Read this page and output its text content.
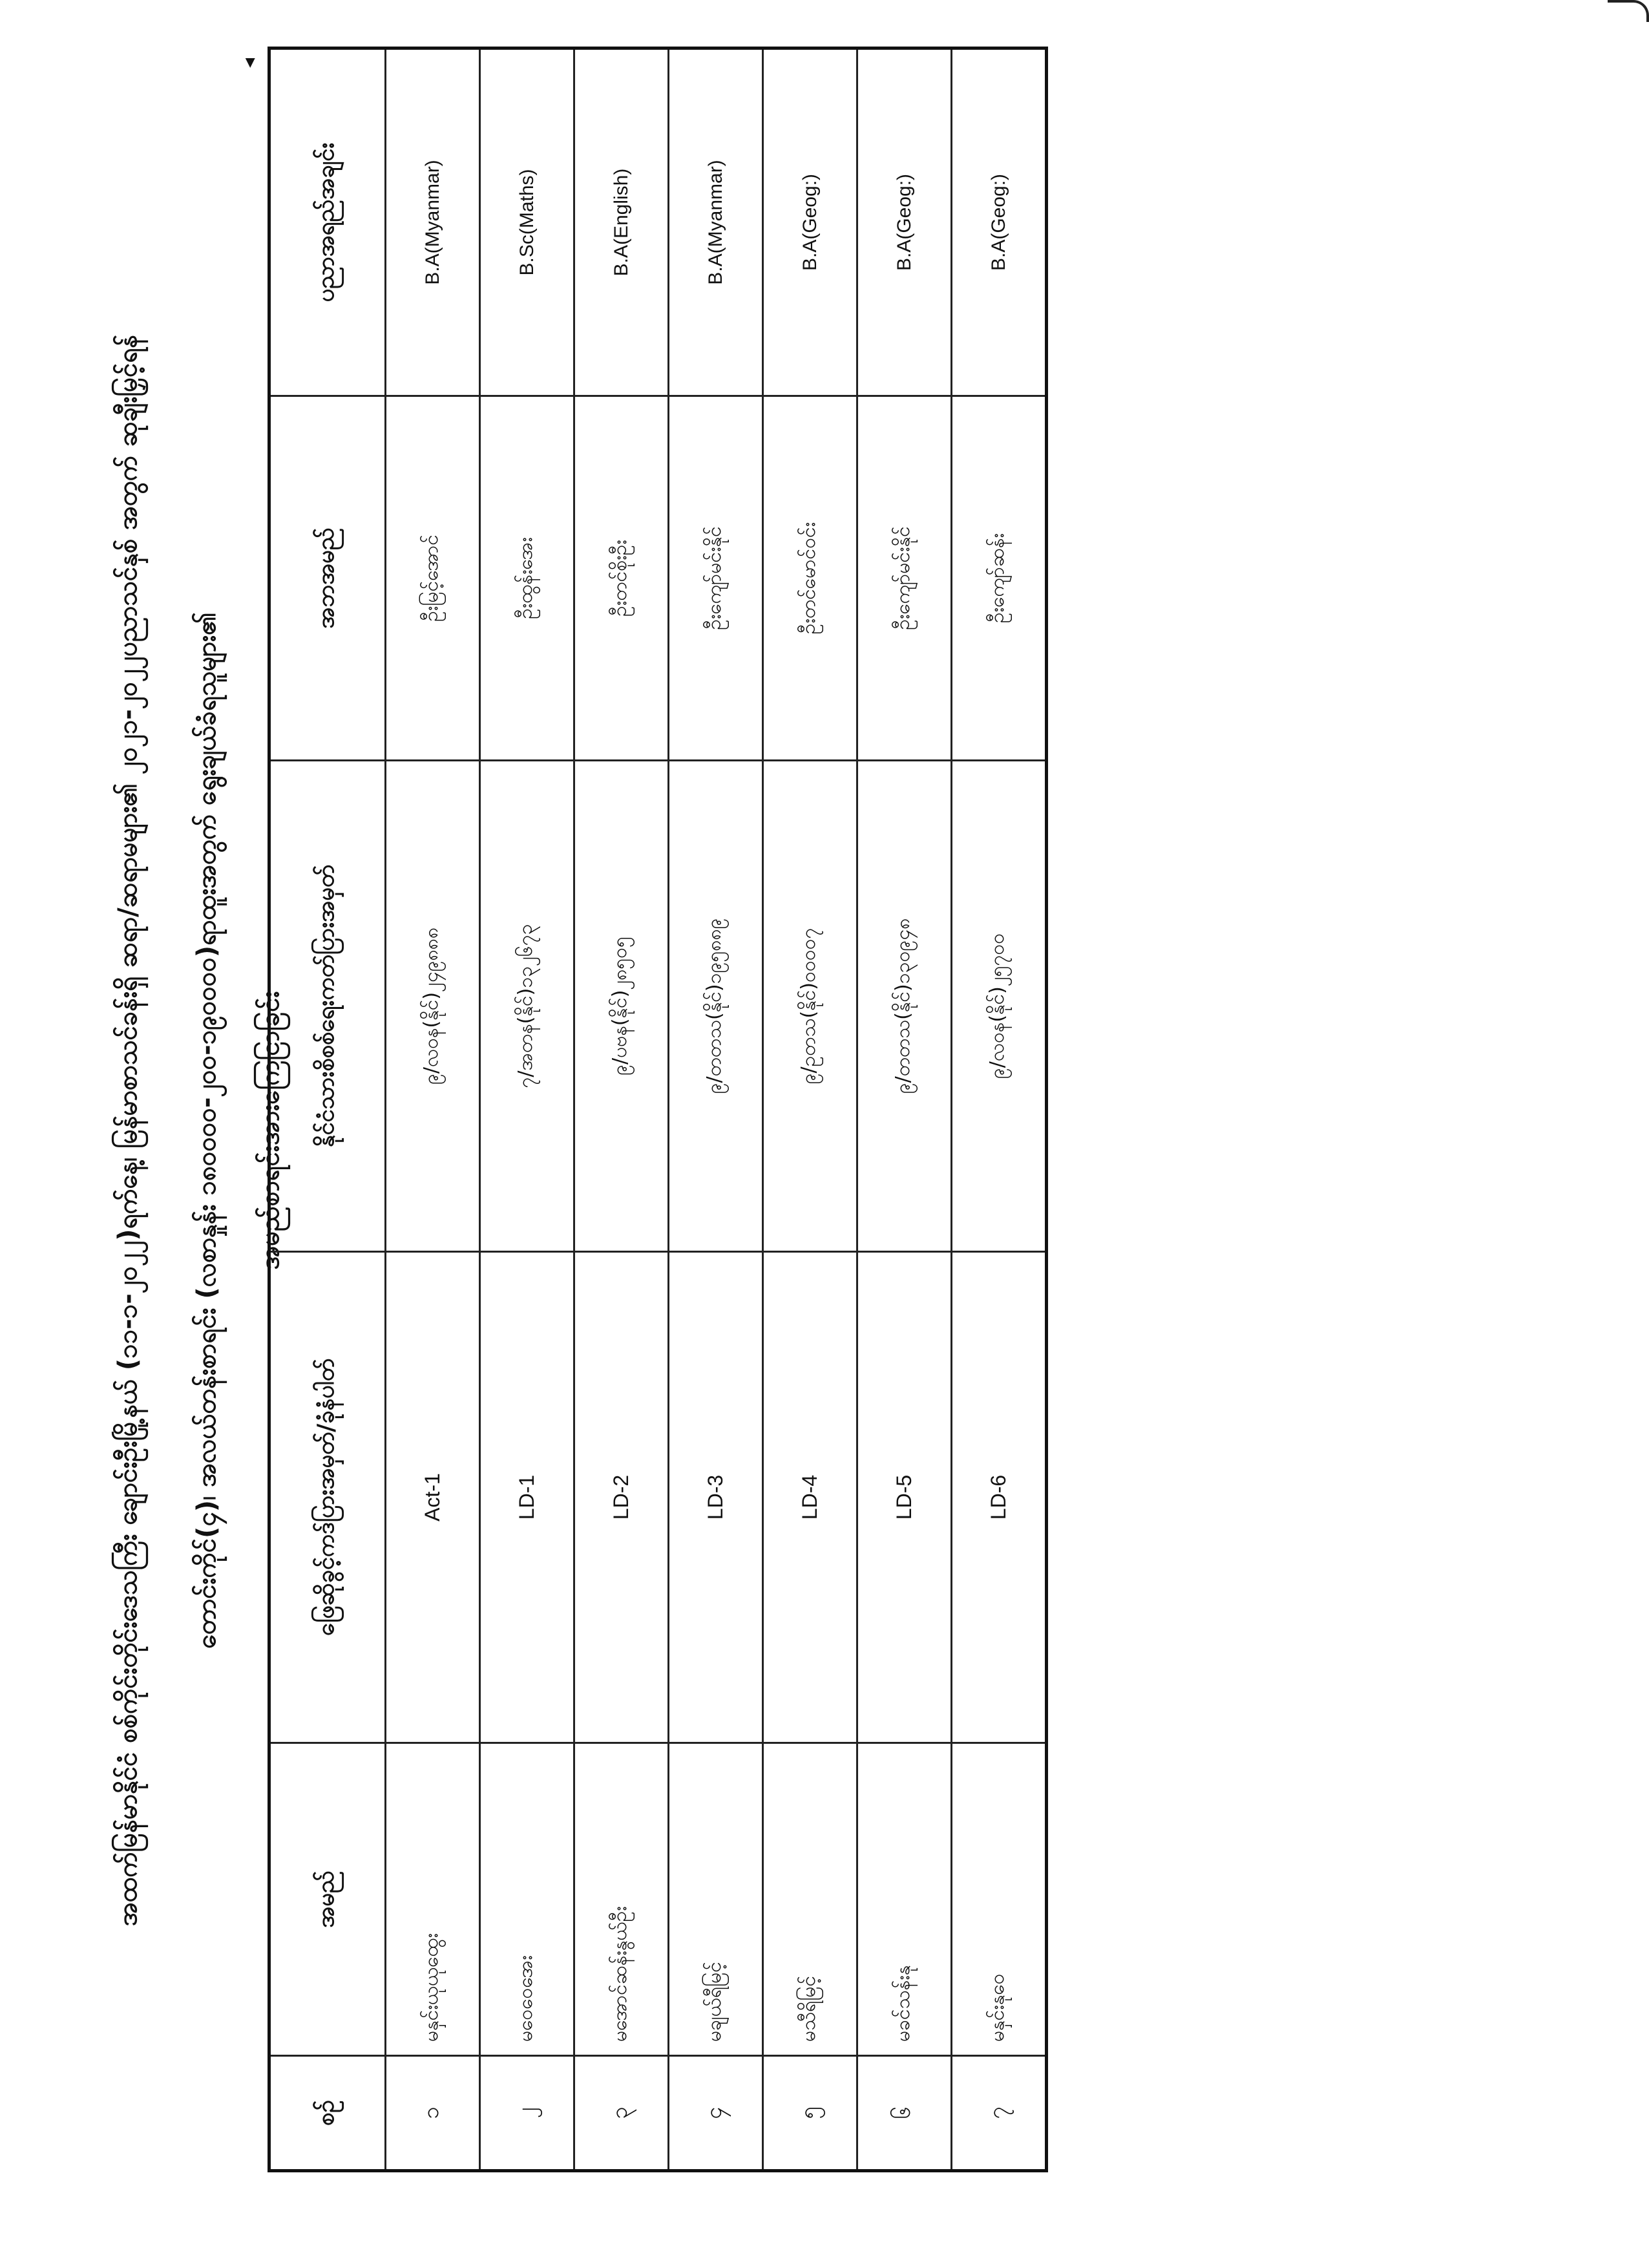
အထက်မြန်မာနိုင်ငံ စစ်ကိုင်းတိုင်းဒေသကြီး ချောင်းဦးမြို့နယ် (၁၁-၁-၂၀၂၂)ရက်နေ့၊ မြန်မာစာသင်ခန်းရှိ ဆရာ/ဆရာမများ၏ ၂၀၂၁-၂၀၂၂ပညာသင်နှစ် အတွက် ဆုချီးမြှင့်ရန် တောင်းကိုင်(၄)၊ အလယ်တန်းစာရင်း (လစာနှုန်း ၁၈၀၀၀၀-၂၀၀-၁၉၀၀၀၀)ရာထူးအတွက် ရွေးချယ်ခံရသူများ၏ အမည်စာရင်းအားကြေငြာခြင်း
◂
စဉ်	အမည်	ဖြေဆိုခွင့်ကဒ်ပြားအမှတ်/ခုံနံပါတ်	နိုင်ငံသားစိစစ်ရေးကတ်ပြားအမှတ်	အဘအမည်	ပညာအရည်အချင်း
၁	မနှင်းယုယုထွေး	Act-1	၉/လဝန(နိုင်)၂၄၉၈၈၈	ဦးမြင့်အောင်	B.A(Myanmar)
၂	မဝေဝေအေး	LD-1	၇/အတန(နိုင်)၁၃၂၆၇၃	ဦးထွန်းအေး	B.Sc(Maths)
၃	မအောင်ဆန်းနွယ်ဦး	LD-2	၉/ပဗန(နိုင်)၂၈၅၀၅	ဦးတင်စိုးဦး	B.A(English)
၄	မချယ်ရီမြင့်	LD-3	၉/တတသ(နိုင်)၁၉၅၈၈၉	ဦးကျော်မင်းနိုင်	B.A(Myanmar)
၅	မသီရိမြင့်	LD-4	၉/ဥတသ(နိုင်)၀၀၀၀၇	ဦးတင်မောင်ဝင်း	B.A(Geog:)
၆	မခင်သန်းနု	LD-5	၉/တတသ(နိုင်)၁၃၀၉၄၈	ဦးကျော်မင်းနိုင်	B.A(Geog:)
၇	မနှင်းနုဝေ	LD-6	၉/လဝန(နိုင်)၂၅၇၀၀	ဦးကျော်ဆန်း	B.A(Geog:)
